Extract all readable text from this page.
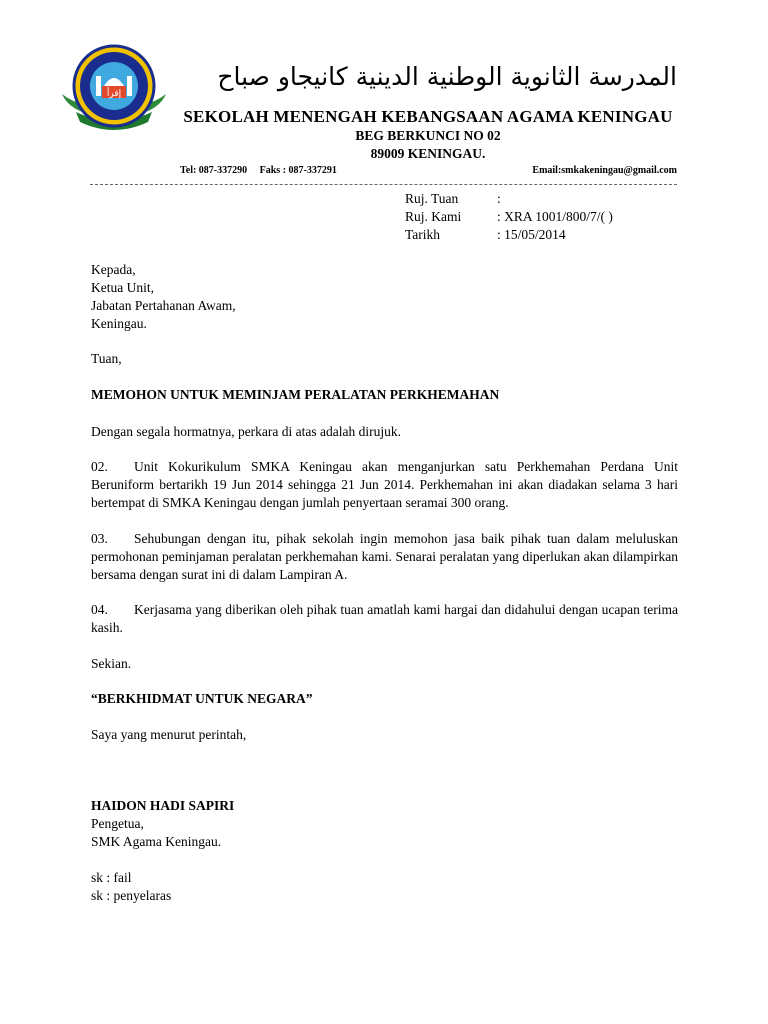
إقرأ
المدرسة الثانوية الوطنية الدينية كانيجاو صباح
SEKOLAH MENENGAH KEBANGSAAN AGAMA KENINGAU
BEG BERKUNCI NO 02
89009 KENINGAU.
Tel: 087-337290 Faks : 087-337291	Email:smkakeningau@gmail.com
Ruj. Tuan	:
Ruj. Kami	: XRA 1001/800/7/( )
Tarikh	: 15/05/2014
Kepada,
Ketua Unit,
Jabatan Pertahanan Awam,
Keningau.
Tuan,
MEMOHON UNTUK MEMINJAM PERALATAN PERKHEMAHAN
Dengan segala hormatnya, perkara di atas adalah dirujuk.
02. Unit Kokurikulum SMKA Keningau akan menganjurkan satu Perkhemahan Perdana Unit Beruniform bertarikh 19 Jun 2014 sehingga 21 Jun 2014. Perkhemahan ini akan diadakan selama 3 hari bertempat di SMKA Keningau dengan jumlah penyertaan seramai 300 orang.
03. Sehubungan dengan itu, pihak sekolah ingin memohon jasa baik pihak tuan dalam meluluskan permohonan peminjaman peralatan perkhemahan kami. Senarai peralatan yang diperlukan akan dilampirkan bersama dengan surat ini di dalam Lampiran A.
04. Kerjasama yang diberikan oleh pihak tuan amatlah kami hargai dan didahului dengan ucapan terima kasih.
Sekian.
“BERKHIDMAT UNTUK NEGARA”
Saya yang menurut perintah,
HAIDON HADI SAPIRI
Pengetua,
SMK Agama Keningau.
sk : fail
sk : penyelaras
